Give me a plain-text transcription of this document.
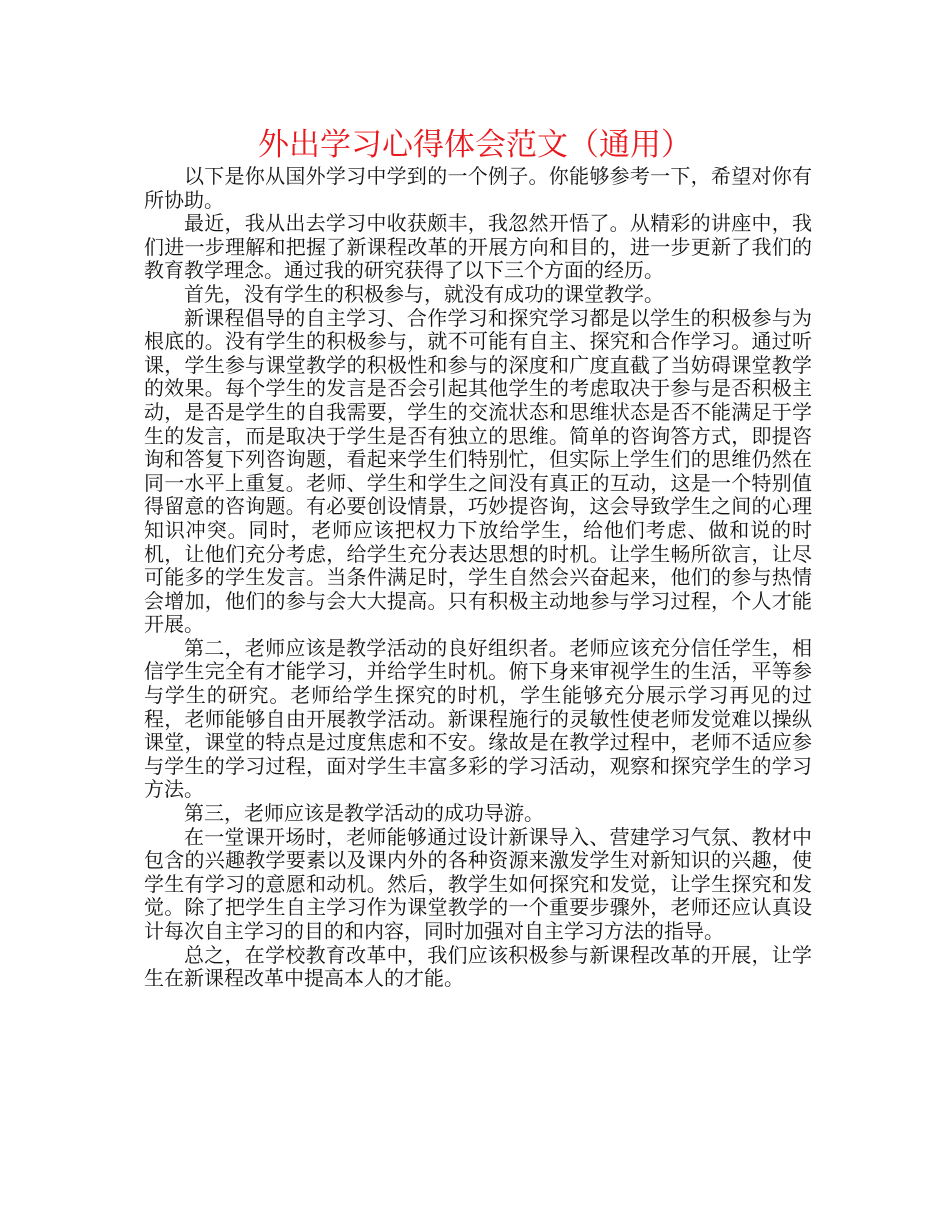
外出学习心得体会范文（通用）

以下是你从国外学习中学到的一个例子。你能够参考一下，希望对你有所协助。

最近，我从出去学习中收获颇丰，我忽然开悟了。从精彩的讲座中，我们进一步理解和把握了新课程改革的开展方向和目的，进一步更新了我们的教育教学理念。通过我的研究获得了以下三个方面的经历。

首先，没有学生的积极参与，就没有成功的课堂教学。

新课程倡导的自主学习、合作学习和探究学习都是以学生的积极参与为根底的。没有学生的积极参与，就不可能有自主、探究和合作学习。通过听课，学生参与课堂教学的积极性和参与的深度和广度直截了当妨碍课堂教学的效果。每个学生的发言是否会引起其他学生的考虑取决于参与是否积极主动，是否是学生的自我需要，学生的交流状态和思维状态是否不能满足于学生的发言，而是取决于学生是否有独立的思维。简单的咨询答方式，即提咨询和答复下列咨询题，看起来学生们特别忙，但实际上学生们的思维仍然在同一水平上重复。老师、学生和学生之间没有真正的互动，这是一个特别值得留意的咨询题。有必要创设情景，巧妙提咨询，这会导致学生之间的心理知识冲突。同时，老师应该把权力下放给学生，给他们考虑、做和说的时机，让他们充分考虑，给学生充分表达思想的时机。让学生畅所欲言，让尽可能多的学生发言。当条件满足时，学生自然会兴奋起来，他们的参与热情会增加，他们的参与会大大提高。只有积极主动地参与学习过程，个人才能开展。

第二，老师应该是教学活动的良好组织者。老师应该充分信任学生，相信学生完全有才能学习，并给学生时机。俯下身来审视学生的生活，平等参与学生的研究。老师给学生探究的时机，学生能够充分展示学习再见的过程，老师能够自由开展教学活动。新课程施行的灵敏性使老师发觉难以操纵课堂，课堂的特点是过度焦虑和不安。缘故是在教学过程中，老师不适应参与学生的学习过程，面对学生丰富多彩的学习活动，观察和探究学生的学习方法。

第三，老师应该是教学活动的成功导游。

在一堂课开场时，老师能够通过设计新课导入、营建学习气氛、教材中包含的兴趣教学要素以及课内外的各种资源来激发学生对新知识的兴趣，使学生有学习的意愿和动机。然后，教学生如何探究和发觉，让学生探究和发觉。除了把学生自主学习作为课堂教学的一个重要步骤外，老师还应认真设计每次自主学习的目的和内容，同时加强对自主学习方法的指导。

总之，在学校教育改革中，我们应该积极参与新课程改革的开展，让学生在新课程改革中提高本人的才能。
